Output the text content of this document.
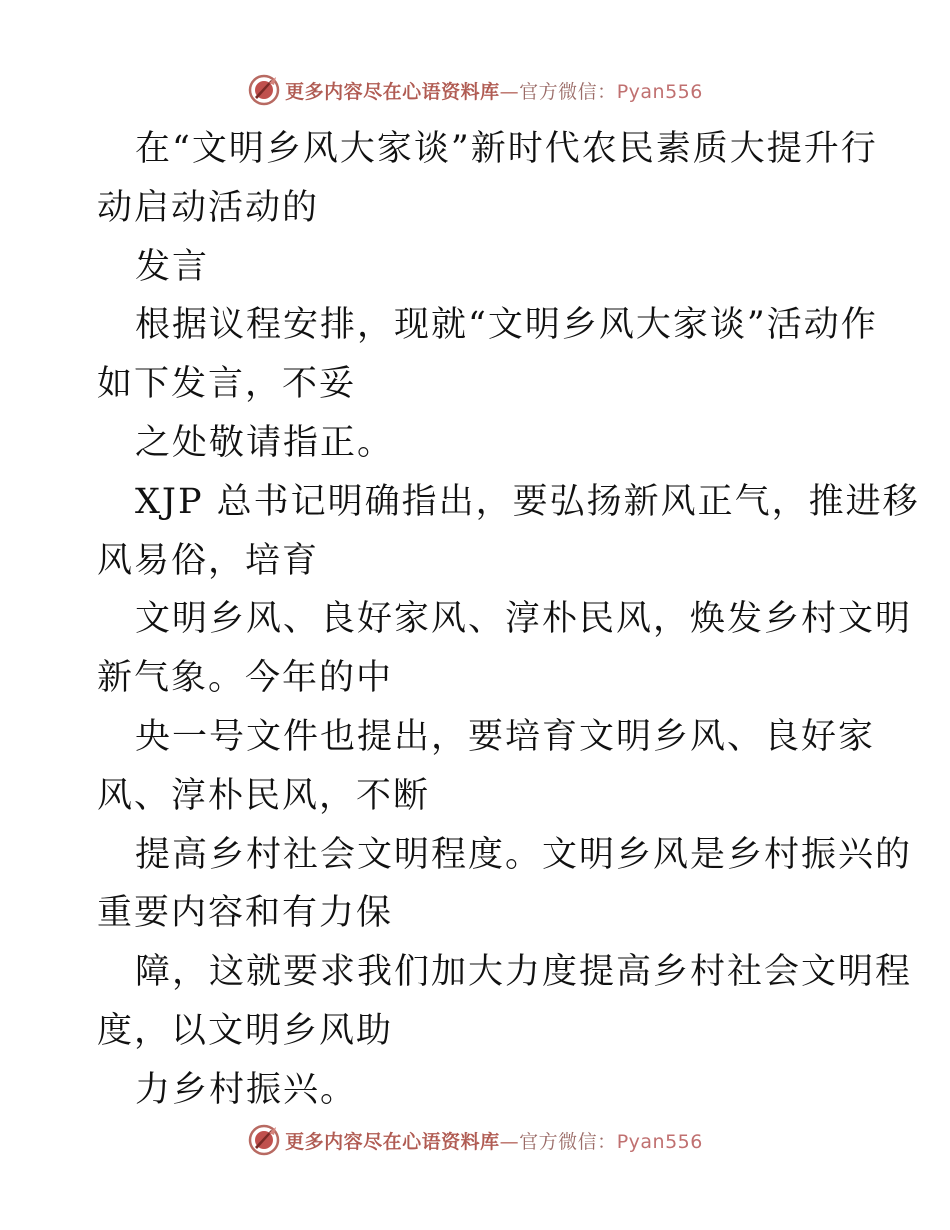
更多内容尽在心语资料库—官方微信：Pyan556

在“文明乡风大家谈”新时代农民素质大提升行
动启动活动的

发言

根据议程安排，现就“文明乡风大家谈”活动作
如下发言，不妥

之处敬请指正。

XJP 总书记明确指出，要弘扬新风正气，推进移
风易俗，培育

文明乡风、良好家风、淳朴民风，焕发乡村文明
新气象。今年的中

央一号文件也提出，要培育文明乡风、良好家
风、淳朴民风，不断

提高乡村社会文明程度。文明乡风是乡村振兴的
重要内容和有力保

障，这就要求我们加大力度提高乡村社会文明程
度，以文明乡风助

力乡村振兴。

更多内容尽在心语资料库—官方微信：Pyan556
